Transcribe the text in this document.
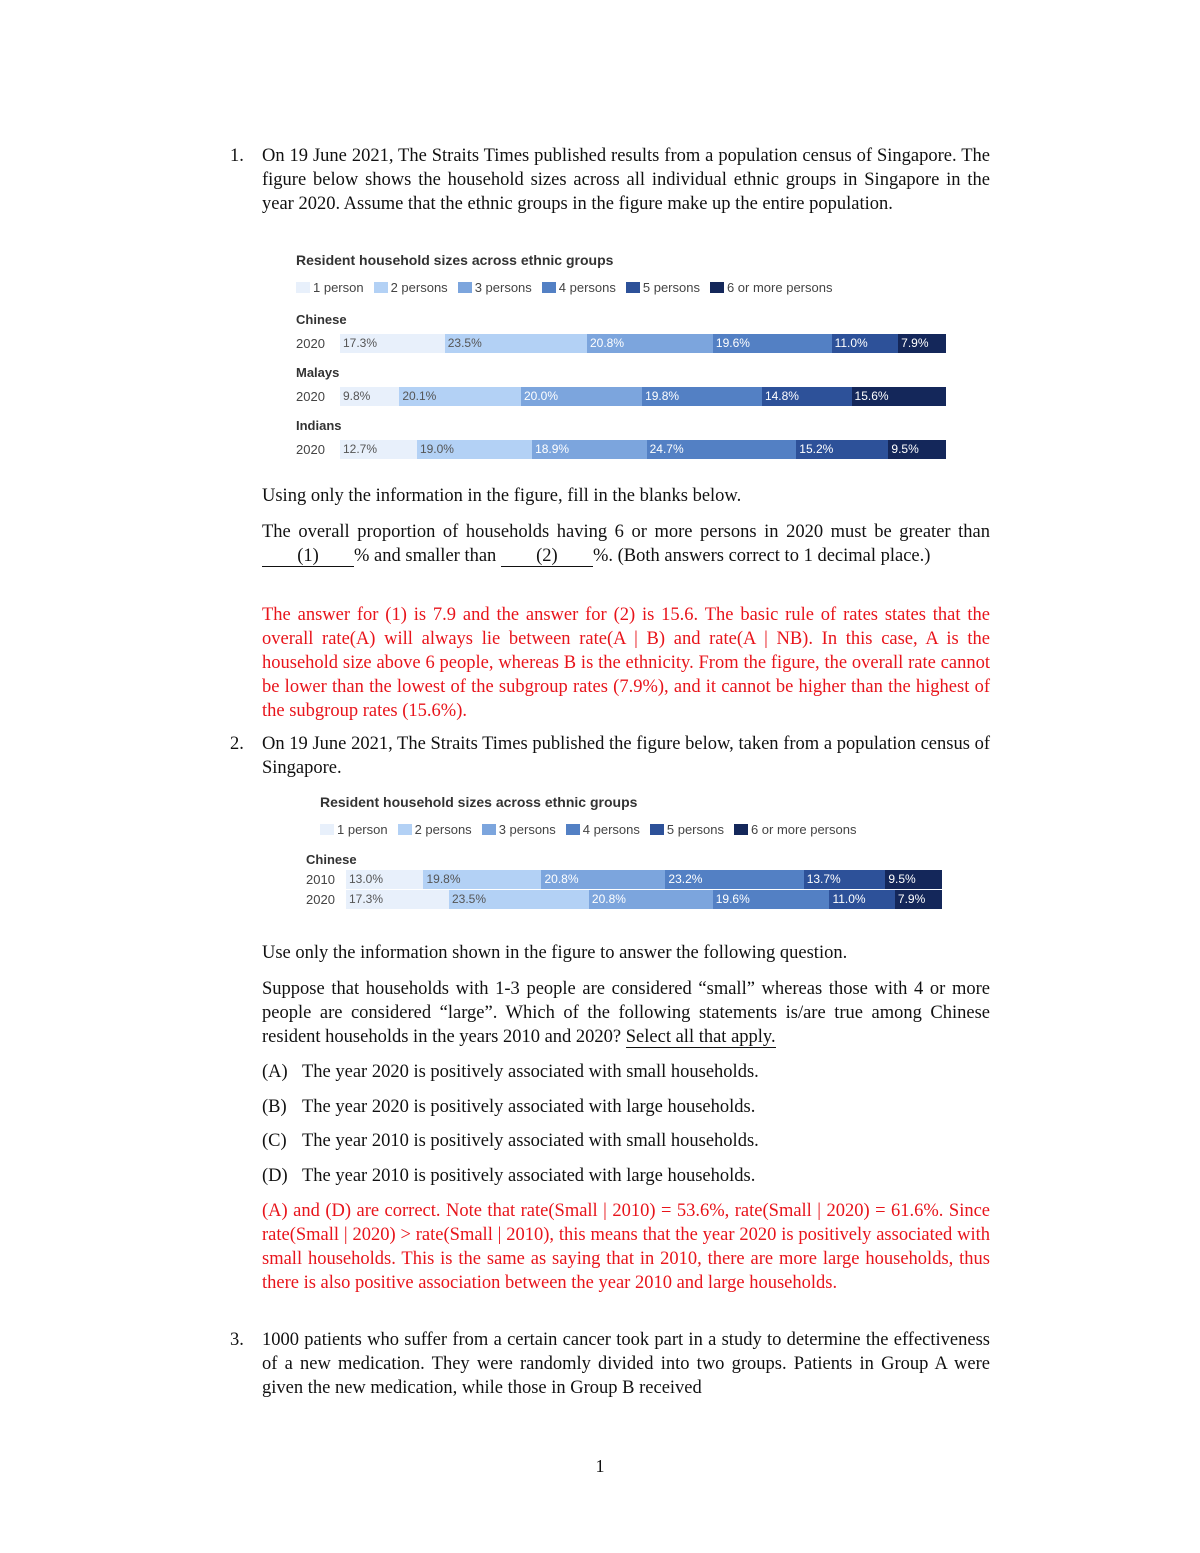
1. On 19 June 2021, The Straits Times published results from a population census of Singapore. The figure below shows the household sizes across all individual ethnic groups in Singapore in the year 2020. Assume that the ethnic groups in the figure make up the entire population.
Resident household sizes across ethnic groups
1 person 2 persons 3 persons 4 persons 5 persons 6 or more persons
Chinese
2020 17.3%	23.5%	20.8%	19.6%	11.0%	7.9%
Malays
2020 9.8%	20.1%	20.0%	19.8%	14.8%	15.6%
Indians
2020 12.7%	19.0%	18.9%	24.7%	15.2%	9.5%
Using only the information in the figure, fill in the blanks below.
The overall proportion of households having 6 or more persons in 2020 must be greater than (1) % and smaller than (2) %. (Both answers correct to 1 decimal place.)
The answer for (1) is 7.9 and the answer for (2) is 15.6. The basic rule of rates states that the overall rate(A) will always lie between rate(A | B) and rate(A | NB). In this case, A is the household size above 6 people, whereas B is the ethnicity. From the figure, the overall rate cannot be lower than the lowest of the subgroup rates (7.9%), and it cannot be higher than the highest of the subgroup rates (15.6%).
2. On 19 June 2021, The Straits Times published the figure below, taken from a population census of Singapore.
Resident household sizes across ethnic groups
1 person 2 persons 3 persons 4 persons 5 persons 6 or more persons
Chinese
2010 13.0%	19.8%	20.8%	23.2%	13.7%	9.5%
2020 17.3%	23.5%	20.8%	19.6%	11.0%	7.9%
Use only the information shown in the figure to answer the following question.
Suppose that households with 1-3 people are considered “small” whereas those with 4 or more people are considered “large”. Which of the following statements is/are true among Chinese resident households in the years 2010 and 2020? Select all that apply.
(A) The year 2020 is positively associated with small households.
(B) The year 2020 is positively associated with large households.
(C) The year 2010 is positively associated with small households.
(D) The year 2010 is positively associated with large households.
(A) and (D) are correct. Note that rate(Small | 2010) = 53.6%, rate(Small | 2020) = 61.6%. Since rate(Small | 2020) > rate(Small | 2010), this means that the year 2020 is positively associated with small households. This is the same as saying that in 2010, there are more large households, thus there is also positive association between the year 2010 and large households.
3. 1000 patients who suffer from a certain cancer took part in a study to determine the effectiveness of a new medication. They were randomly divided into two groups. Patients in Group A were given the new medication, while those in Group B received
1
